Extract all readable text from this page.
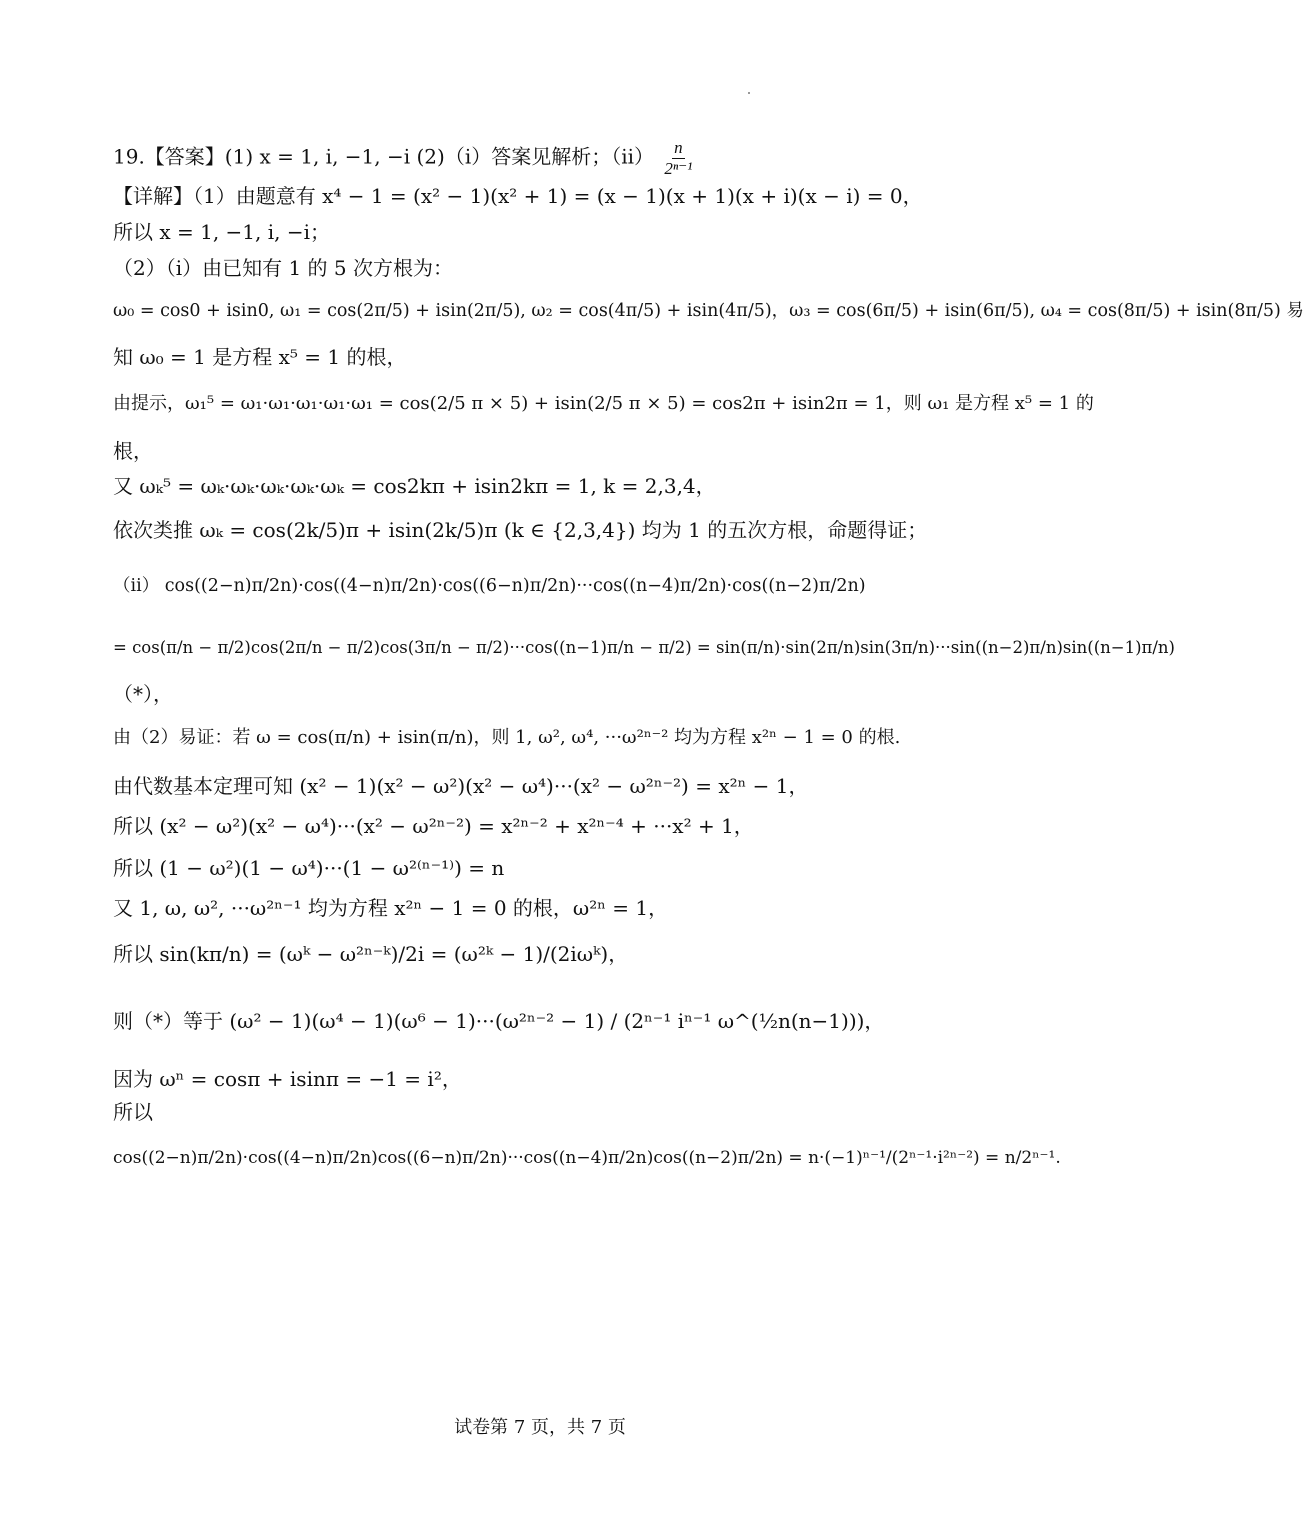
19.【答案】(1) x = 1, i, −1, −i (2)（i）答案见解析；$(ii) \frac{n}{\text{2ⁿ⁻¹}}$
【详解】（1）由题意有 x⁴ − 1 = (x² − 1)(x² + 1) = (x − 1)(x + 1)(x + i)(x − i) = 0，
所以 x = 1, −1, i, −i；
（2）（i）由已知有 1 的 5 次方根为：
ω₀ = cos0 + isin0, ω₁ = cos(2π/5) + isin(2π/5), ω₂ = cos(4π/5) + isin(4π/5)，ω₃ = cos(6π/5) + isin(6π/5), ω₄ = cos(8π/5) + isin(8π/5) 易
知 ω₀ = 1 是方程 x⁵ = 1 的根，
由提示，ω₁⁵ = ω₁·ω₁·ω₁·ω₁·ω₁ = cos(2/5 π × 5) + isin(2/5 π × 5) = cos2π + isin2π = 1，则 ω₁ 是方程 x⁵ = 1 的
根，
又 ωₖ⁵ = ωₖ·ωₖ·ωₖ·ωₖ·ωₖ = cos2kπ + isin2kπ = 1, k = 2,3,4，
依次类推 ωₖ = cos(2k/5)π + isin(2k/5)π (k ∈ {2,3,4}) 均为 1 的五次方根，命题得证；
（ii） cos((2−n)π/2n)·cos((4−n)π/2n)·cos((6−n)π/2n)···cos((n−4)π/2n)·cos((n−2)π/2n)
= cos(π/n − π/2)cos(2π/n − π/2)cos(3π/n − π/2)···cos((n−1)π/n − π/2) = sin(π/n)·sin(2π/n)sin(3π/n)···sin((n−2)π/n)sin((n−1)π/n)
（*），
由（2）易证：若 ω = cos(π/n) + isin(π/n)，则 1, ω², ω⁴, ···ω²ⁿ⁻² 均为方程 x²ⁿ − 1 = 0 的根.
由代数基本定理可知 (x² − 1)(x² − ω²)(x² − ω⁴)···(x² − ω²ⁿ⁻²) = x²ⁿ − 1，
所以 (x² − ω²)(x² − ω⁴)···(x² − ω²ⁿ⁻²) = x²ⁿ⁻² + x²ⁿ⁻⁴ + ···x² + 1，
所以 (1 − ω²)(1 − ω⁴)···(1 − ω²⁽ⁿ⁻¹⁾) = n
又 1, ω, ω², ···ω²ⁿ⁻¹ 均为方程 x²ⁿ − 1 = 0 的根，ω²ⁿ = 1，
所以 sin(kπ/n) = (ωᵏ − ω²ⁿ⁻ᵏ)/2i = (ω²ᵏ − 1)/(2iωᵏ)，
则（*）等于 (ω² − 1)(ω⁴ − 1)(ω⁶ − 1)···(ω²ⁿ⁻² − 1) / (2ⁿ⁻¹ iⁿ⁻¹ ω^(½n(n−1)))，
因为 ωⁿ = cosπ + isinπ = −1 = i²，
所以
cos((2−n)π/2n)·cos((4−n)π/2n)cos((6−n)π/2n)···cos((n−4)π/2n)cos((n−2)π/2n) = n·(−1)ⁿ⁻¹/(2ⁿ⁻¹·i²ⁿ⁻²) = n/2ⁿ⁻¹.
试卷第 7 页，共 7 页
